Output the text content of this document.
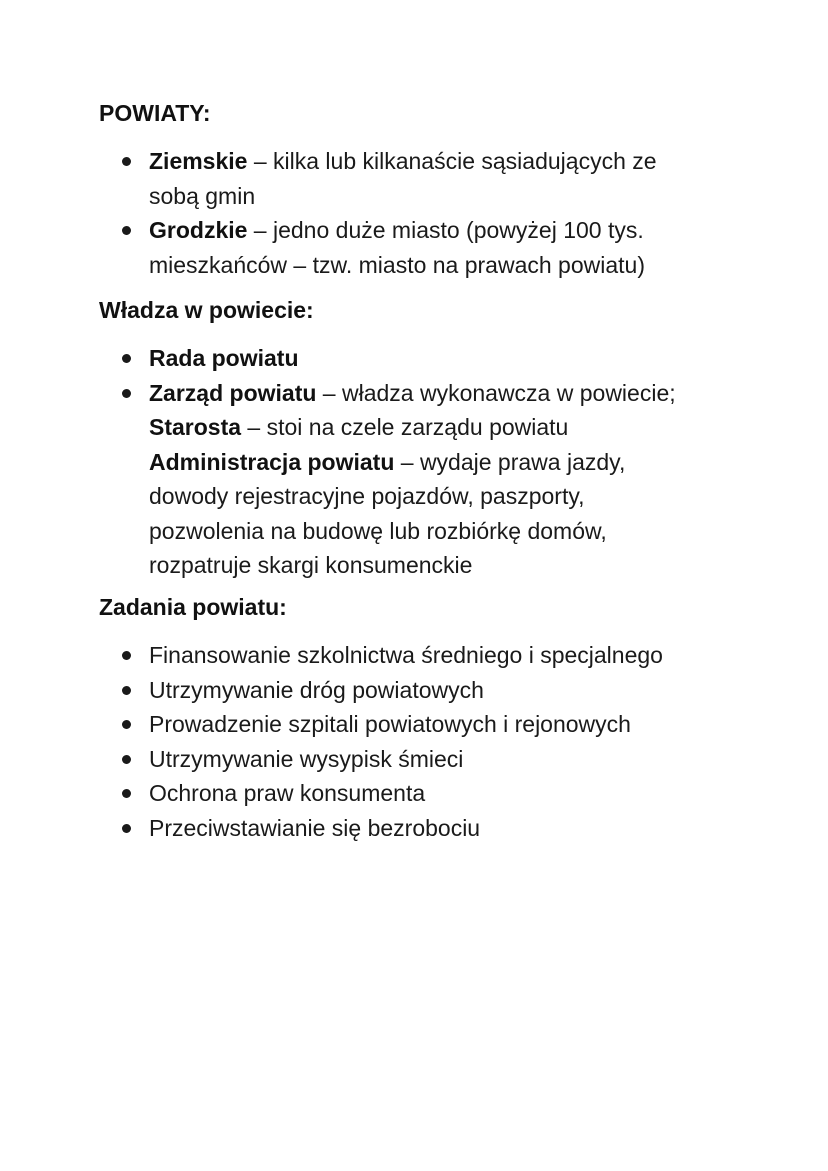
POWIATY:
Ziemskie – kilka lub kilkanaście sąsiadujących ze
sobą gmin
Grodzkie – jedno duże miasto (powyżej 100 tys.
mieszkańców – tzw. miasto na prawach powiatu)
Władza w powiecie:
Rada powiatu
Zarząd powiatu – władza wykonawcza w powiecie;
Starosta – stoi na czele zarządu powiatu
Administracja powiatu – wydaje prawa jazdy,
dowody rejestracyjne pojazdów, paszporty,
pozwolenia na budowę lub rozbiórkę domów,
rozpatruje skargi konsumenckie
Zadania powiatu:
Finansowanie szkolnictwa średniego i specjalnego
Utrzymywanie dróg powiatowych
Prowadzenie szpitali powiatowych i rejonowych
Utrzymywanie wysypisk śmieci
Ochrona praw konsumenta
Przeciwstawianie się bezrobociu
